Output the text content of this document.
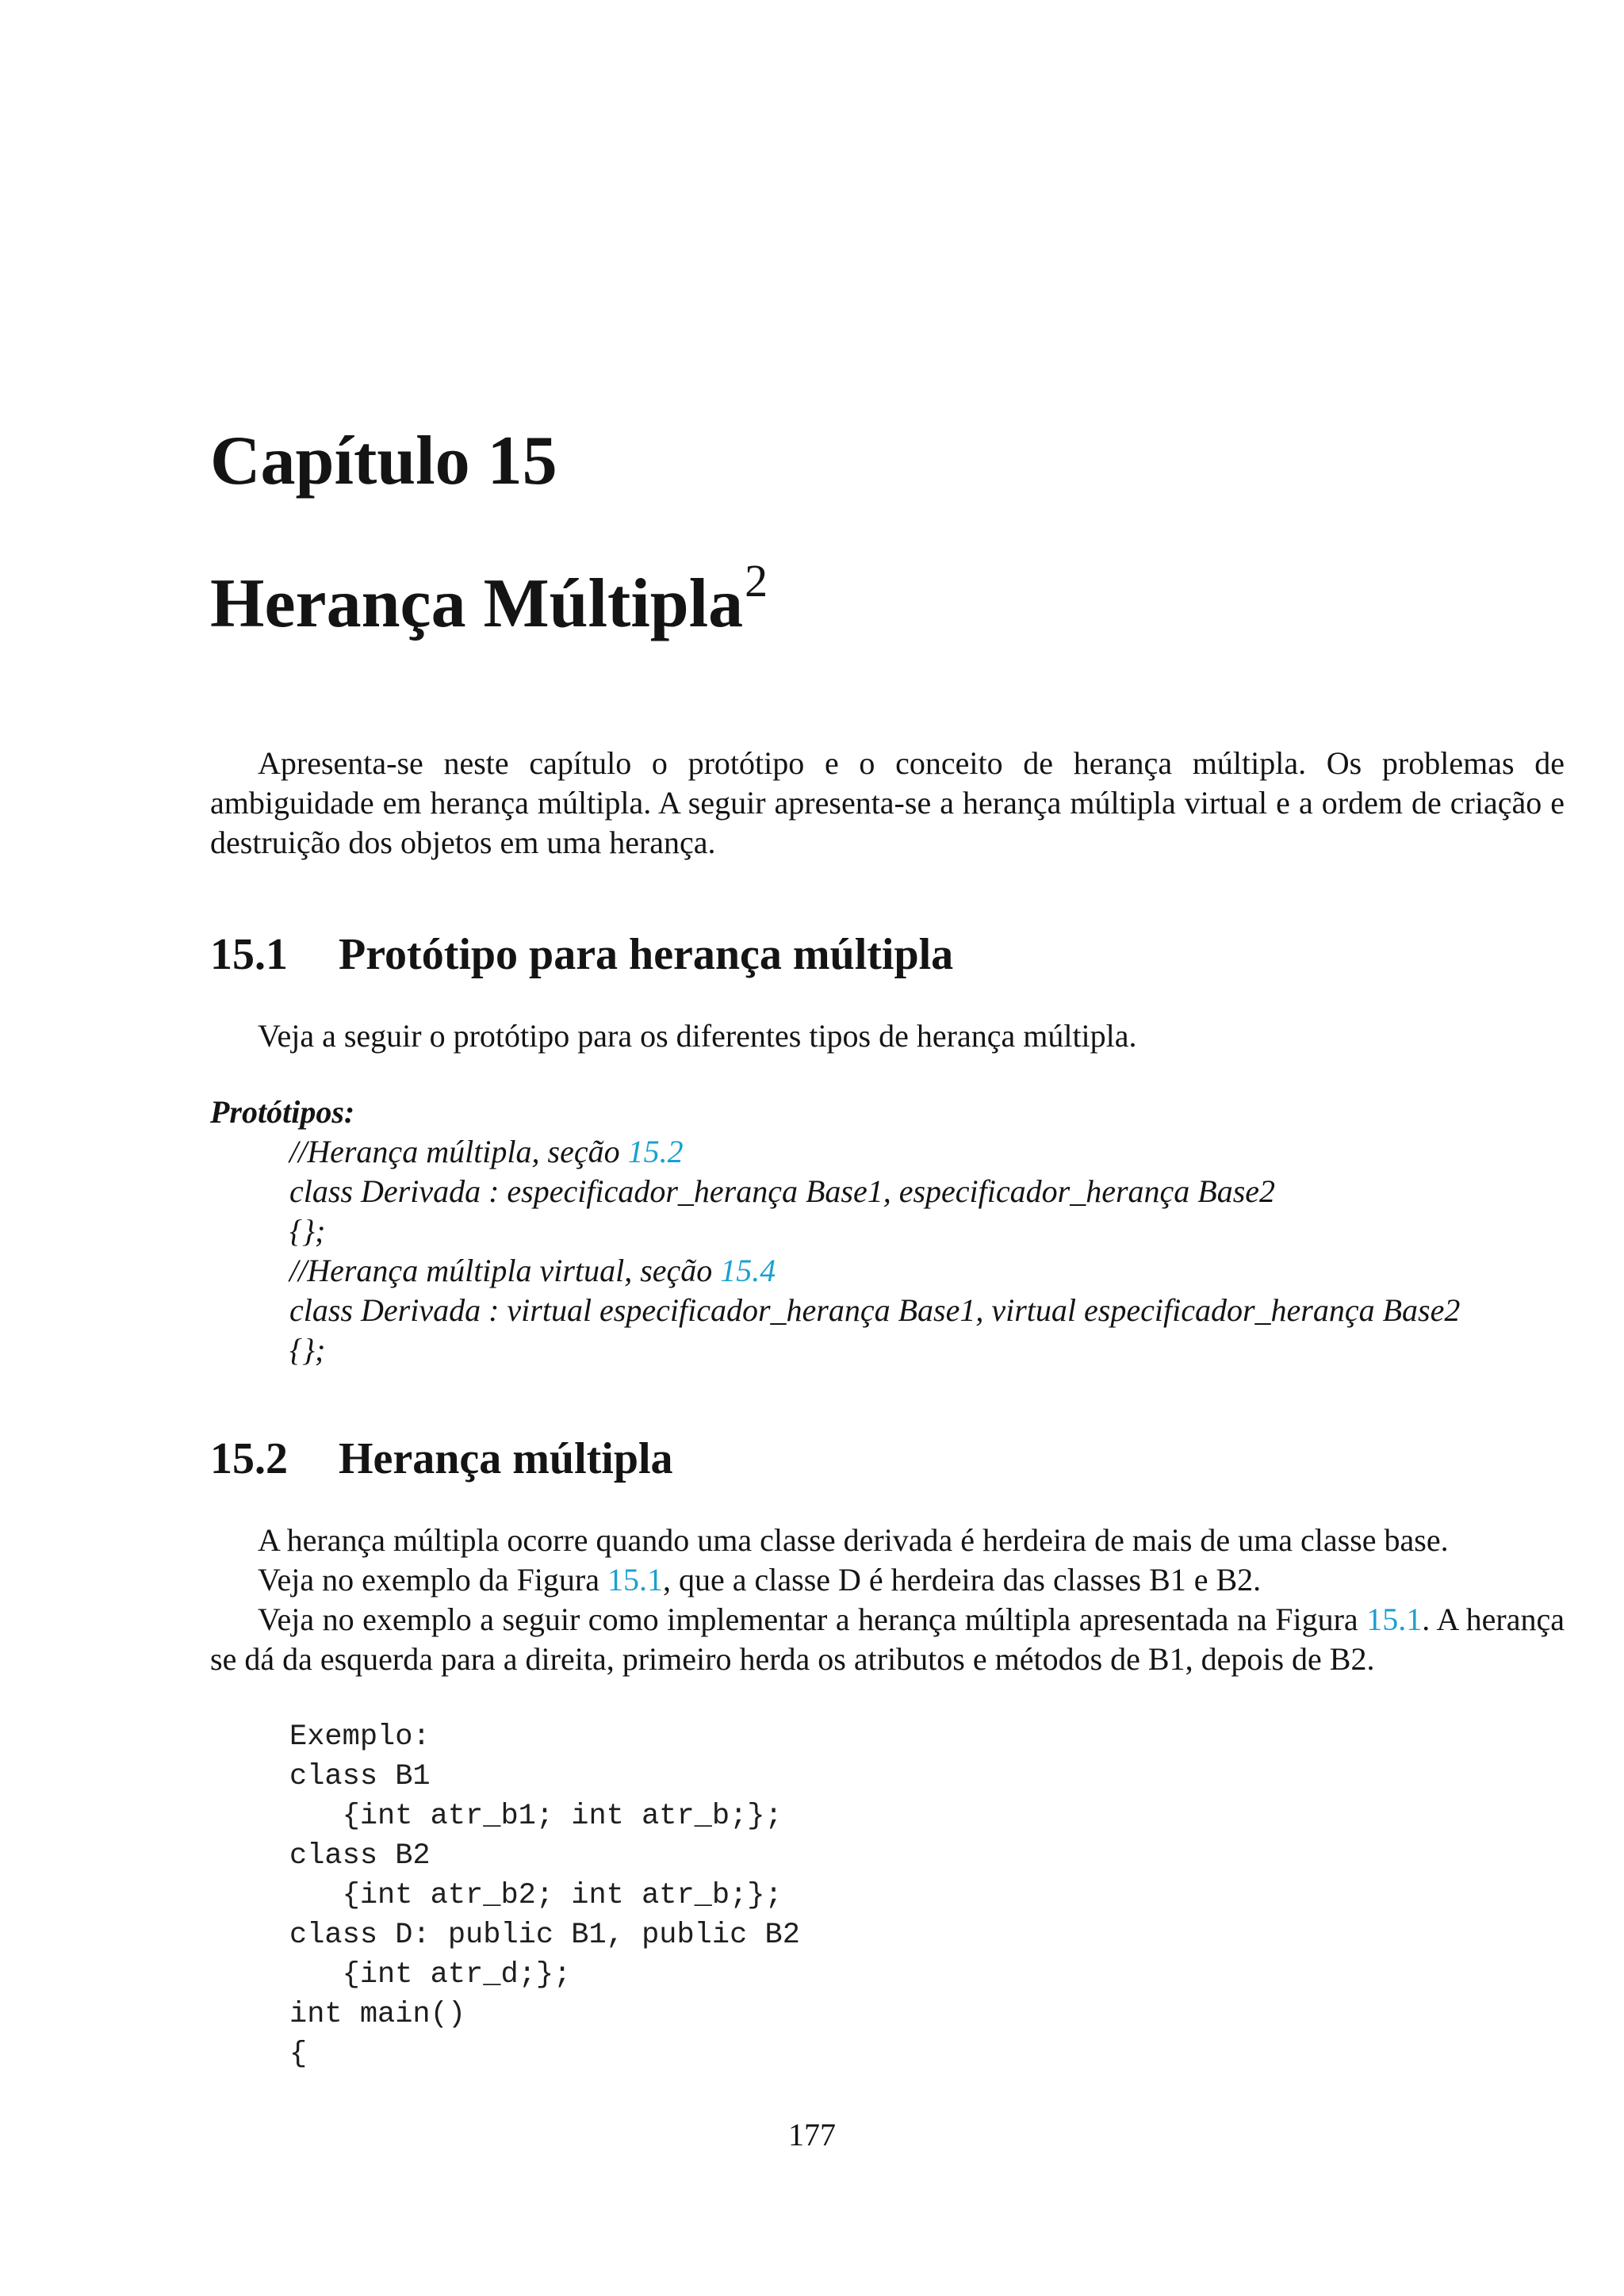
Capítulo 15
Herança Múltipla$^2$

Apresenta-se neste capítulo o protótipo e o conceito de herança múltipla. Os problemas de ambiguidade em herança múltipla. A seguir apresenta-se a herança múltipla virtual e a ordem de criação e destruição dos objetos em uma herança.

15.1 Protótipo para herança múltipla

Veja a seguir o protótipo para os diferentes tipos de herança múltipla.

Protótipos:

//Herança múltipla, seção 15.2

class Derivada : especificador_herança Base1, especificador_herança Base2

{};

//Herança múltipla virtual, seção 15.4

class Derivada : virtual especificador_herança Base1, virtual especificador_herança Base2

{};

15.2 Herança múltipla

A herança múltipla ocorre quando uma classe derivada é herdeira de mais de uma classe base.

Veja no exemplo da Figura 15.1, que a classe D é herdeira das classes B1 e B2.

Veja no exemplo a seguir como implementar a herança múltipla apresentada na Figura 15.1. A herança se dá da esquerda para a direita, primeiro herda os atributos e métodos de B1, depois de B2.

Exemplo:
class B1
{int atr_b1; int atr_b;};
class B2
{int atr_b2; int atr_b;};
class D: public B1, public B2
{int atr_d;};
int main()
{

177
